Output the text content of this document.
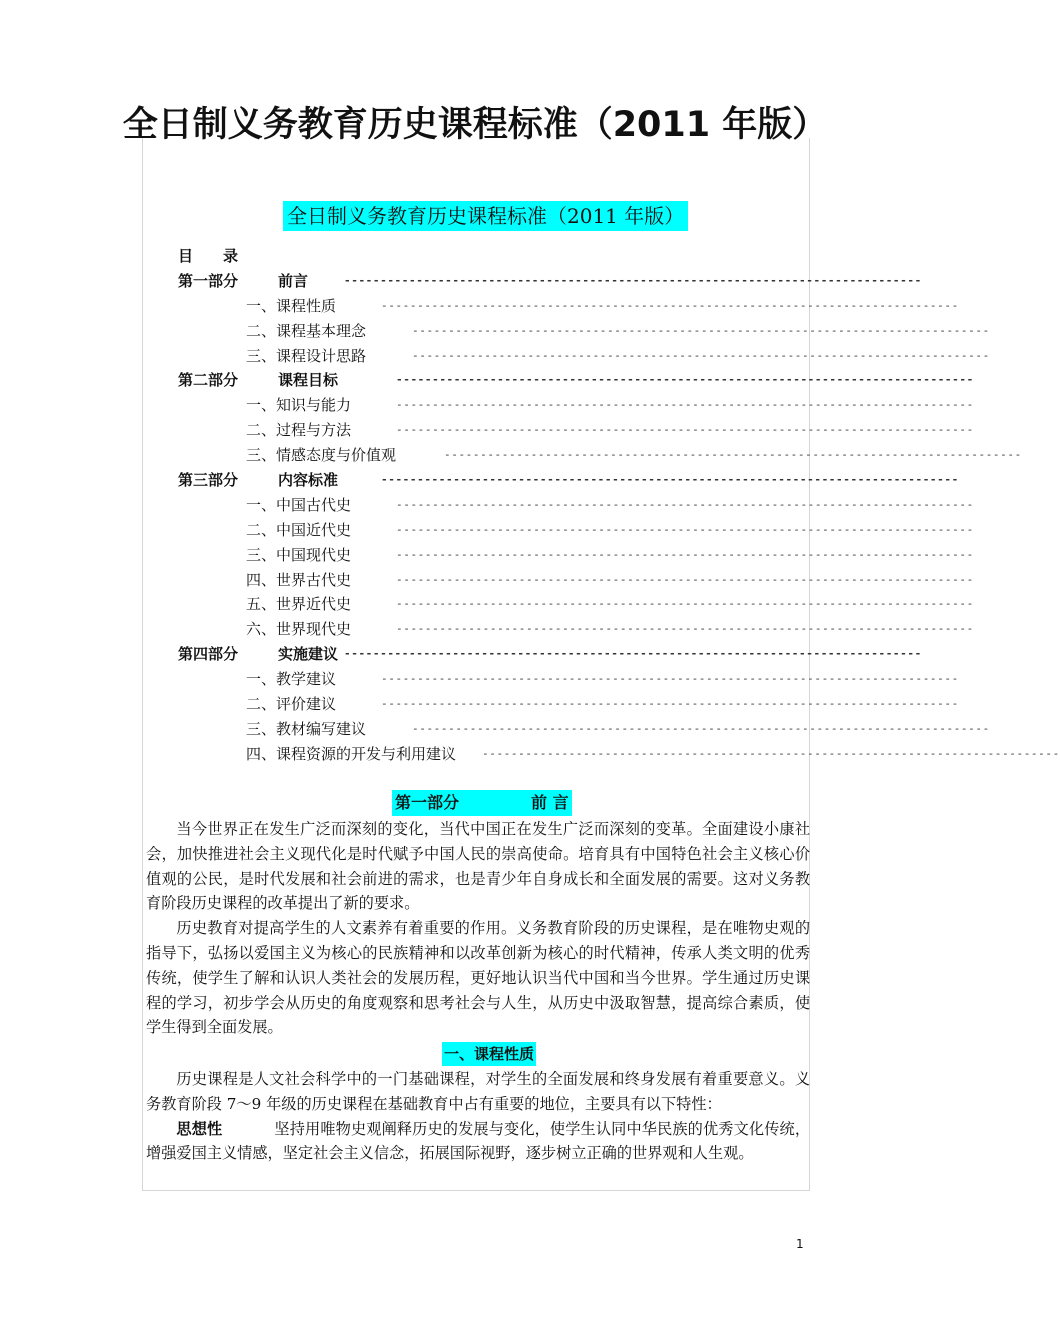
全日制义务教育历史课程标准（2011 年版）
全日制义务教育历史课程标准（2011 年版）
目　　录
第一部分	前言	--------------------------------------------------------------------------------
一、课程性质	--------------------------------------------------------------------------------
二、课程基本理念	--------------------------------------------------------------------------------
三、课程设计思路	--------------------------------------------------------------------------------
第二部分	课程目标	--------------------------------------------------------------------------------
一、知识与能力	--------------------------------------------------------------------------------
二、过程与方法	--------------------------------------------------------------------------------
三、情感态度与价值观	--------------------------------------------------------------------------------
第三部分	内容标准	--------------------------------------------------------------------------------
一、中国古代史	--------------------------------------------------------------------------------
二、中国近代史	--------------------------------------------------------------------------------
三、中国现代史	--------------------------------------------------------------------------------
四、世界古代史	--------------------------------------------------------------------------------
五、世界近代史	--------------------------------------------------------------------------------
六、世界现代史	--------------------------------------------------------------------------------
第四部分	实施建议 --------------------------------------------------------------------------------
一、教学建议	--------------------------------------------------------------------------------
二、评价建议	--------------------------------------------------------------------------------
三、教材编写建议	--------------------------------------------------------------------------------
四、课程资源的开发与利用建议 --------------------------------------------------------------------------------
第一部分	前 言

当今世界正在发生广泛而深刻的变化，当代中国正在发生广泛而深刻的变革。全面建设小康社会，加快推进社会主义现代化是时代赋予中国人民的崇高使命。培育具有中国特色社会主义核心价值观的公民，是时代发展和社会前进的需求，也是青少年自身成长和全面发展的需要。这对义务教育阶段历史课程的改革提出了新的要求。

历史教育对提高学生的人文素养有着重要的作用。义务教育阶段的历史课程，是在唯物史观的指导下，弘扬以爱国主义为核心的民族精神和以改革创新为核心的时代精神，传承人类文明的优秀传统，使学生了解和认识人类社会的发展历程，更好地认识当代中国和当今世界。学生通过历史课程的学习，初步学会从历史的角度观察和思考社会与人生，从历史中汲取智慧，提高综合素质，使学生得到全面发展。

一、课程性质

历史课程是人文社会科学中的一门基础课程，对学生的全面发展和终身发展有着重要意义。义务教育阶段 7～9 年级的历史课程在基础教育中占有重要的地位，主要具有以下特性：

思想性	坚持用唯物史观阐释历史的发展与变化，使学生认同中华民族的优秀文化传统，增强爱国主义情感，坚定社会主义信念，拓展国际视野，逐步树立正确的世界观和人生观。

1
